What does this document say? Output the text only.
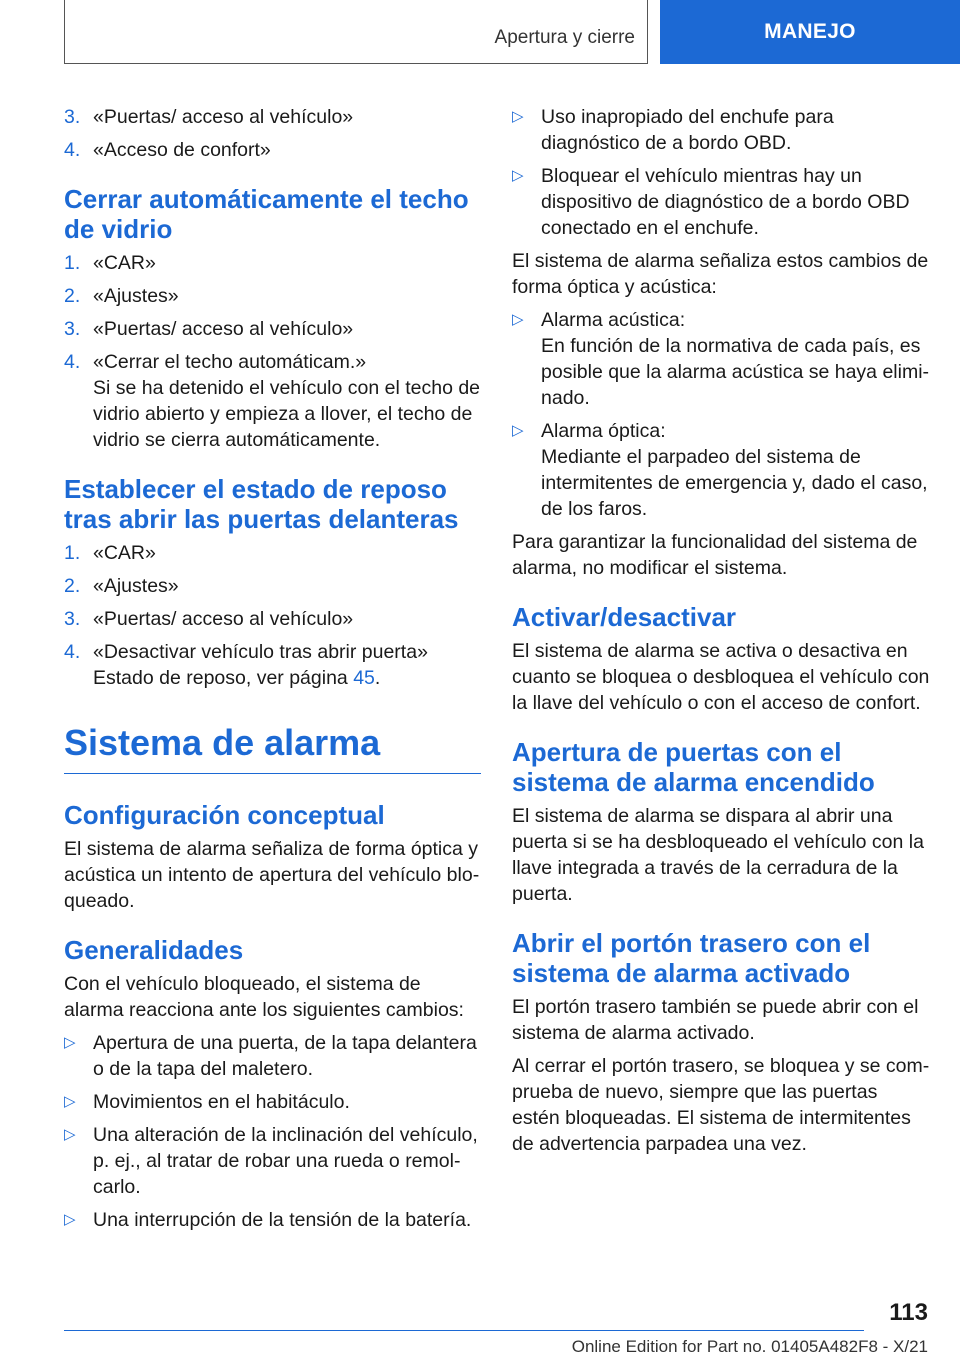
Apertura y cierre	MANEJO
3. «Puertas/ acceso al vehículo»

4. «Acceso de confort»

Cerrar automáticamente el techo de vidrio
1. «CAR»

2. «Ajustes»

3. «Puertas/ acceso al vehículo»

4. «Cerrar el techo automáticam.»

Si se ha detenido el vehículo con el techo de vidrio abierto y empieza a llover, el techo de vidrio se cierra automáticamente.

Establecer el estado de reposo tras abrir las puertas delanteras
1. «CAR»

2. «Ajustes»

3. «Puertas/ acceso al vehículo»

4. «Desactivar vehículo tras abrir puerta»

Estado de reposo, ver página 45.

Sistema de alarma
Configuración conceptual

El sistema de alarma señaliza de forma óptica y acústica un intento de apertura del vehículo bloqueado.

Generalidades

Con el vehículo bloqueado, el sistema de alarma reacciona ante los siguientes cambios:

▷ Apertura de una puerta, de la tapa delantera o de la tapa del maletero.

▷ Movimientos en el habitáculo.

▷ Una alteración de la inclinación del vehículo, p. ej., al tratar de robar una rueda o remolcarlo.

▷ Una interrupción de la tensión de la batería.

▷ Uso inapropiado del enchufe para diagnóstico de a bordo OBD.

▷ Bloquear el vehículo mientras hay un dispositivo de diagnóstico de a bordo OBD conectado en el enchufe.

El sistema de alarma señaliza estos cambios de forma óptica y acústica:

▷ Alarma acústica:

En función de la normativa de cada país, es posible que la alarma acústica se haya eliminado.

▷ Alarma óptica:

Mediante el parpadeo del sistema de intermitentes de emergencia y, dado el caso, de los faros.

Para garantizar la funcionalidad del sistema de alarma, no modificar el sistema.

Activar/desactivar

El sistema de alarma se activa o desactiva en cuanto se bloquea o desbloquea el vehículo con la llave del vehículo o con el acceso de confort.

Apertura de puertas con el sistema de alarma encendido

El sistema de alarma se dispara al abrir una puerta si se ha desbloqueado el vehículo con la llave integrada a través de la cerradura de la puerta.

Abrir el portón trasero con el sistema de alarma activado

El portón trasero también se puede abrir con el sistema de alarma activado.

Al cerrar el portón trasero, se bloquea y se comprueba de nuevo, siempre que las puertas estén bloqueadas. El sistema de intermitentes de advertencia parpadea una vez.

113
Online Edition for Part no. 01405A482F8 - X/21
